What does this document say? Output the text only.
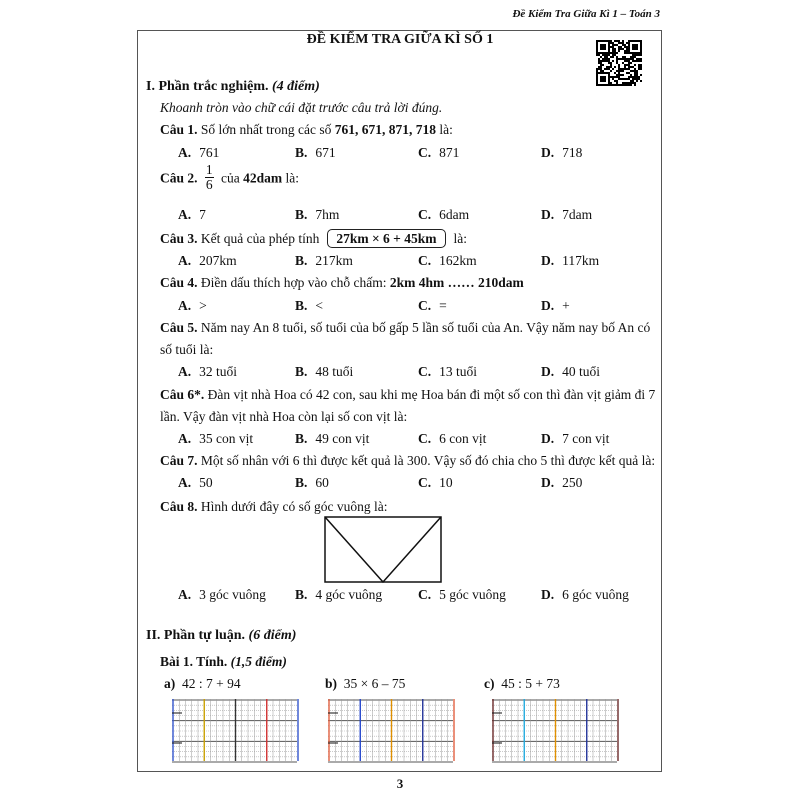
Đề Kiểm Tra Giữa Kì 1 – Toán 3
ĐỀ KIỂM TRA GIỮA KÌ SỐ 1
I. Phần trắc nghiệm. (4 điểm)
Khoanh tròn vào chữ cái đặt trước câu trả lời đúng.
Câu 1. Số lớn nhất trong các số 761, 671, 871, 718 là:
A. 761	B. 671	C. 871	D. 718
Câu 2. $\frac{1}{6}$ của 42dam là:
A. 7	B. 7hm	C. 6dam	D. 7dam
Câu 3. Kết quả của phép tính 27km × 6 + 45km là:
A. 207km	B. 217km	C. 162km	D. 117km
Câu 4. Điền dấu thích hợp vào chỗ chấm: 2km 4hm …… 210dam
A. >	B. <	C. =	D. +
Câu 5. Năm nay An 8 tuổi, số tuổi của bố gấp 5 lần số tuổi của An. Vậy năm nay bố An có
số tuổi là:
A. 32 tuổi	B. 48 tuổi	C. 13 tuổi	D. 40 tuổi
Câu 6*. Đàn vịt nhà Hoa có 42 con, sau khi mẹ Hoa bán đi một số con thì đàn vịt giảm đi 7
lần. Vậy đàn vịt nhà Hoa còn lại số con vịt là:
A. 35 con vịt	B. 49 con vịt	C. 6 con vịt	D. 7 con vịt
Câu 7. Một số nhân với 6 thì được kết quả là 300. Vậy số đó chia cho 5 thì được kết quả là:
A. 50	B. 60	C. 10	D. 250
Câu 8. Hình dưới đây có số góc vuông là:
A. 3 góc vuông B. 4 góc vuông	C. 5 góc vuông	D. 6 góc vuông
II. Phần tự luận. (6 điểm)
Bài 1. Tính. (1,5 điểm)
a) 42 : 7 + 94	b) 35 × 6 – 75	c) 45 : 5 + 73
3
